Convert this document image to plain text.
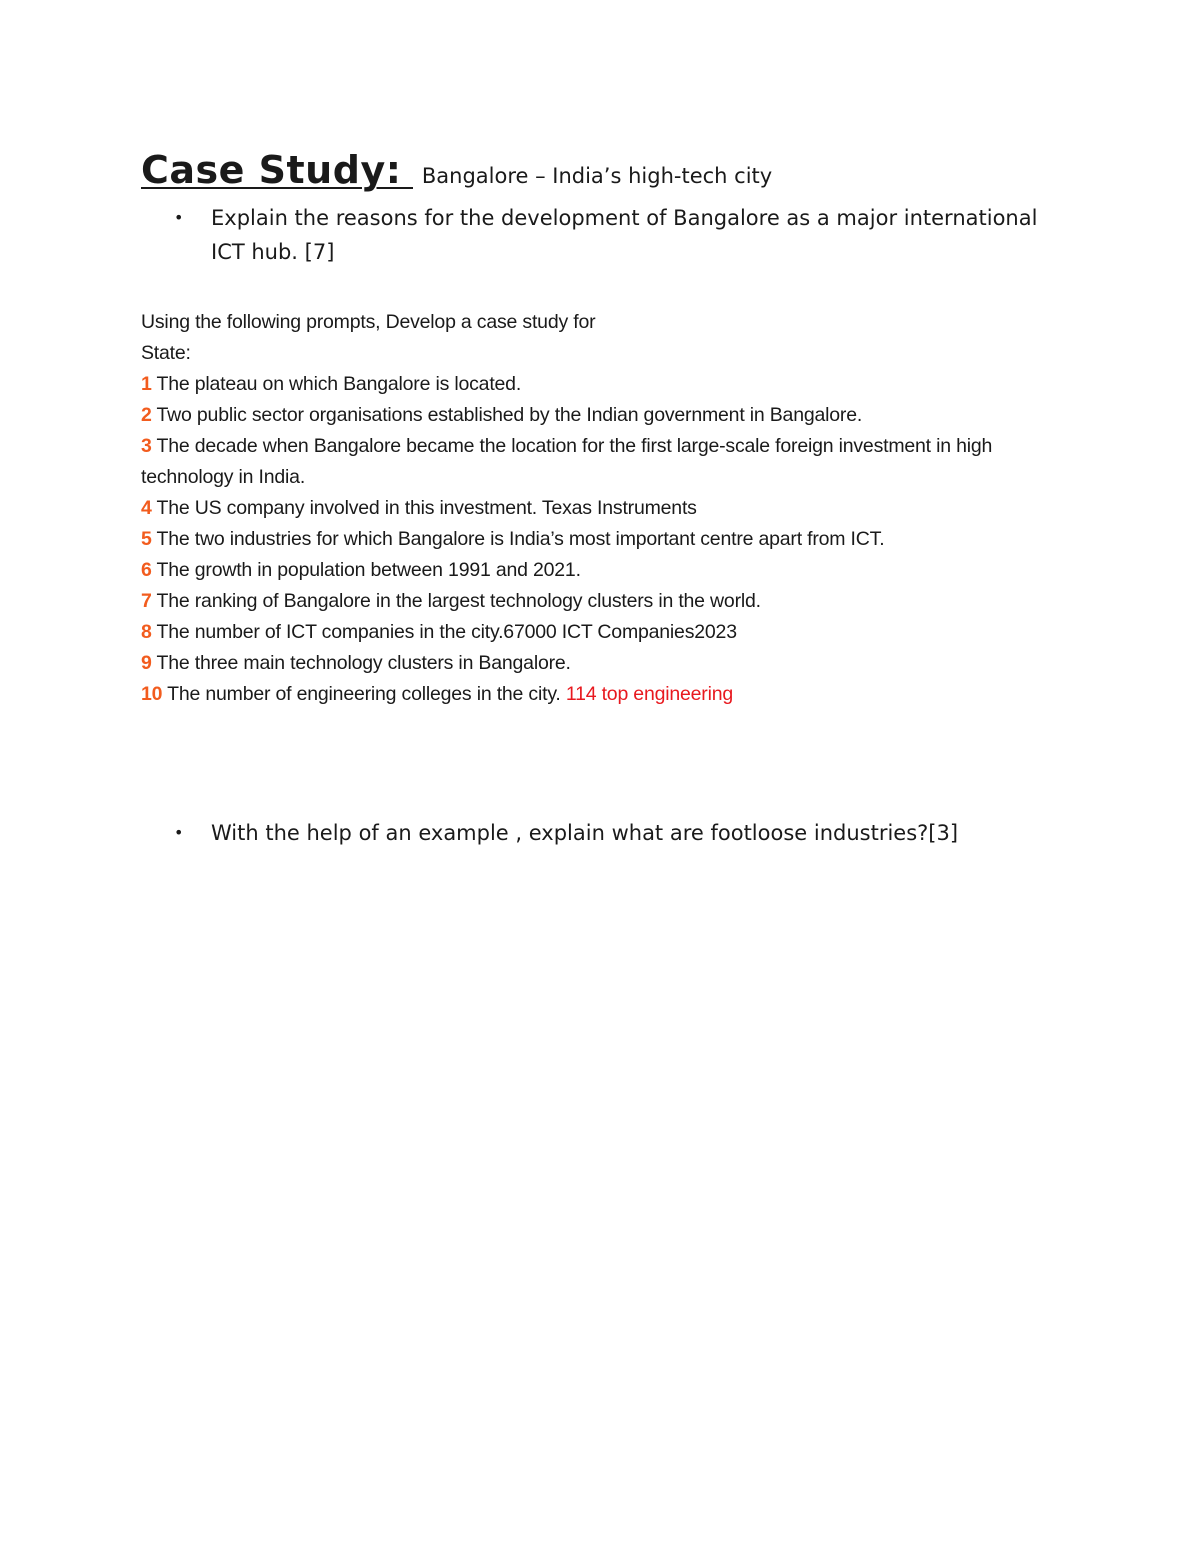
Case Study: Bangalore – India’s high-tech city
•	Explain the reasons for the development of Bangalore as a major international ICT hub. [7]

Using the following prompts, Develop a case study for

State:

1 The plateau on which Bangalore is located.

2 Two public sector organisations established by the Indian government in Bangalore.

3 The decade when Bangalore became the location for the first large-scale foreign investment in high technology in India.

4 The US company involved in this investment. Texas Instruments

5 The two industries for which Bangalore is India’s most important centre apart from ICT.

6 The growth in population between 1991 and 2021.

7 The ranking of Bangalore in the largest technology clusters in the world.

8 The number of ICT companies in the city.67000 ICT Companies2023

9 The three main technology clusters in Bangalore.

10 The number of engineering colleges in the city. 114 top engineering

•	With the help of an example , explain what are footloose industries?[3]
